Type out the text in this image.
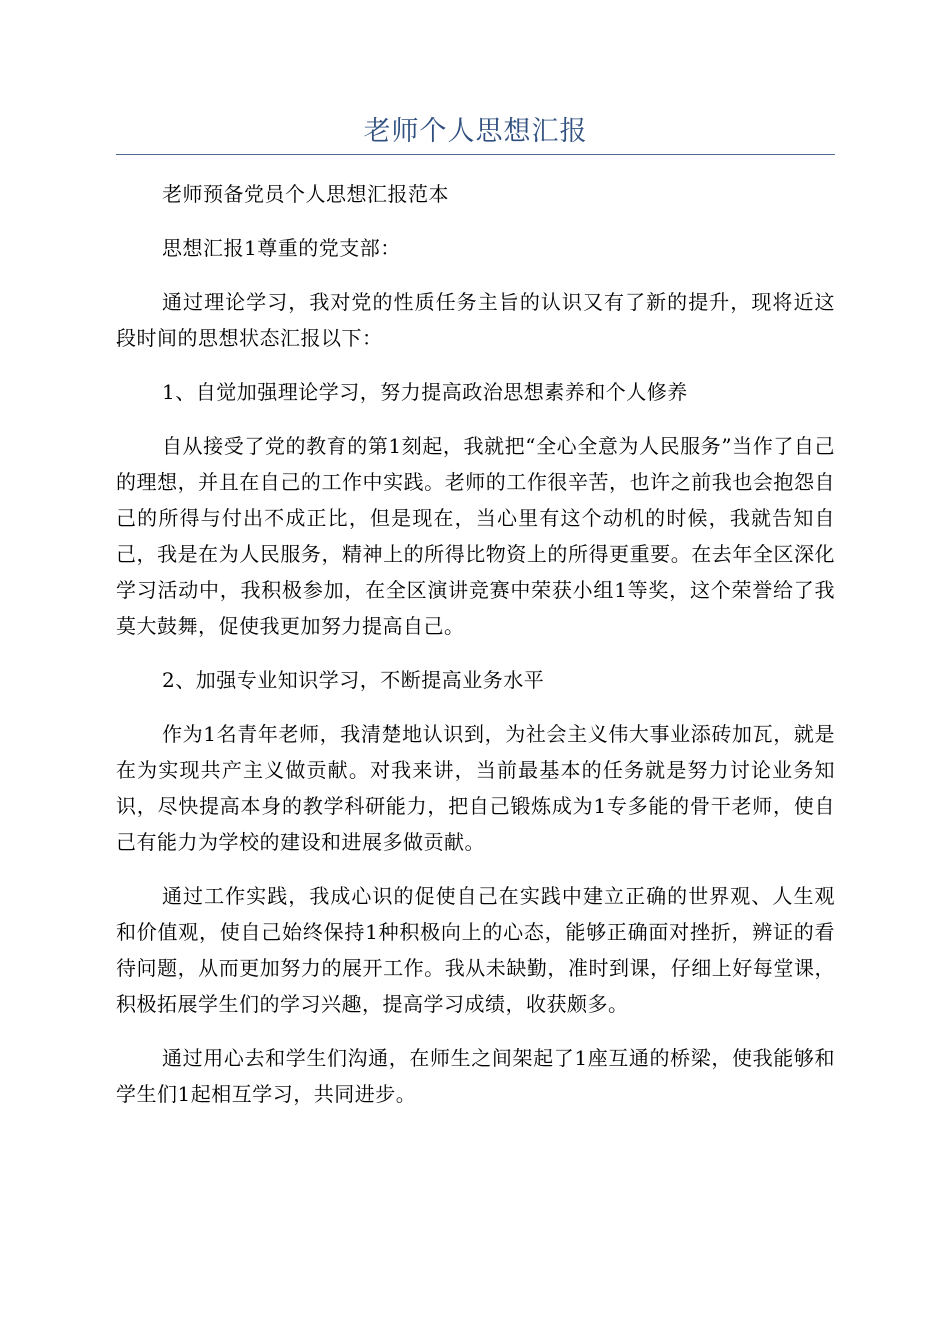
老师个人思想汇报

老师预备党员个人思想汇报范本

思想汇报1尊重的党支部：

通过理论学习，我对党的性质任务主旨的认识又有了新的提升，现将近这段时间的思想状态汇报以下：

1、自觉加强理论学习，努力提高政治思想素养和个人修养

自从接受了党的教育的第1刻起，我就把“全心全意为人民服务”当作了自己的理想，并且在自己的工作中实践。老师的工作很辛苦，也许之前我也会抱怨自己的所得与付出不成正比，但是现在，当心里有这个动机的时候，我就告知自己，我是在为人民服务，精神上的所得比物资上的所得更重要。在去年全区深化学习活动中，我积极参加，在全区演讲竞赛中荣获小组1等奖，这个荣誉给了我莫大鼓舞，促使我更加努力提高自己。

2、加强专业知识学习，不断提高业务水平

作为1名青年老师，我清楚地认识到，为社会主义伟大事业添砖加瓦，就是在为实现共产主义做贡献。对我来讲，当前最基本的任务就是努力讨论业务知识，尽快提高本身的教学科研能力，把自己锻炼成为1专多能的骨干老师，使自己有能力为学校的建设和进展多做贡献。

通过工作实践，我成心识的促使自己在实践中建立正确的世界观、人生观和价值观，使自己始终保持1种积极向上的心态，能够正确面对挫折，辨证的看待问题，从而更加努力的展开工作。我从未缺勤，准时到课，仔细上好每堂课，积极拓展学生们的学习兴趣，提高学习成绩，收获颇多。

通过用心去和学生们沟通，在师生之间架起了1座互通的桥梁，使我能够和学生们1起相互学习，共同进步。
